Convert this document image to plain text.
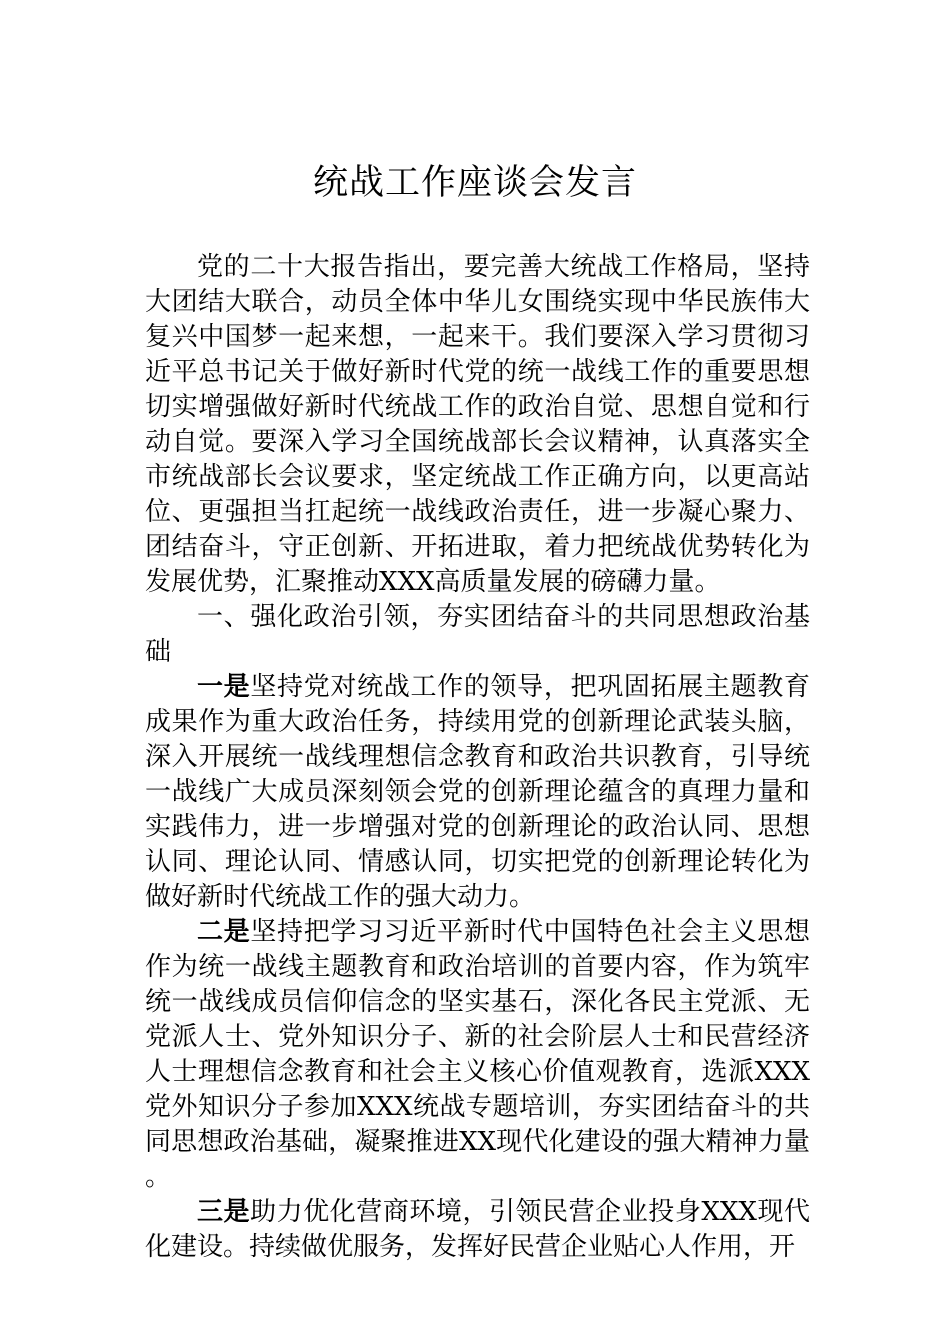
统战工作座谈会发言

党的二十大报告指出，要完善大统战工作格局，坚持大团结大联合，动员全体中华儿女围绕实现中华民族伟大复兴中国梦一起来想，一起来干。我们要深入学习贯彻习近平总书记关于做好新时代党的统一战线工作的重要思想切实增强做好新时代统战工作的政治自觉、思想自觉和行动自觉。要深入学习全国统战部长会议精神，认真落实全市统战部长会议要求，坚定统战工作正确方向，以更高站位、更强担当扛起统一战线政治责任，进一步凝心聚力、团结奋斗，守正创新、开拓进取，着力把统战优势转化为发展优势，汇聚推动XXX高质量发展的磅礴力量。

一、强化政治引领，夯实团结奋斗的共同思想政治基础

一是坚持党对统战工作的领导，把巩固拓展主题教育成果作为重大政治任务，持续用党的创新理论武装头脑，深入开展统一战线理想信念教育和政治共识教育，引导统一战线广大成员深刻领会党的创新理论蕴含的真理力量和实践伟力，进一步增强对党的创新理论的政治认同、思想认同、理论认同、情感认同，切实把党的创新理论转化为做好新时代统战工作的强大动力。

二是坚持把学习习近平新时代中国特色社会主义思想作为统一战线主题教育和政治培训的首要内容，作为筑牢统一战线成员信仰信念的坚实基石，深化各民主党派、无党派人士、党外知识分子、新的社会阶层人士和民营经济人士理想信念教育和社会主义核心价值观教育，选派XXX党外知识分子参加XXX统战专题培训，夯实团结奋斗的共同思想政治基础，凝聚推进XX现代化建设的强大精神力量。

三是助力优化营商环境，引领民营企业投身XXX现代化建设。持续做优服务，发挥好民营企业贴心人作用，开
